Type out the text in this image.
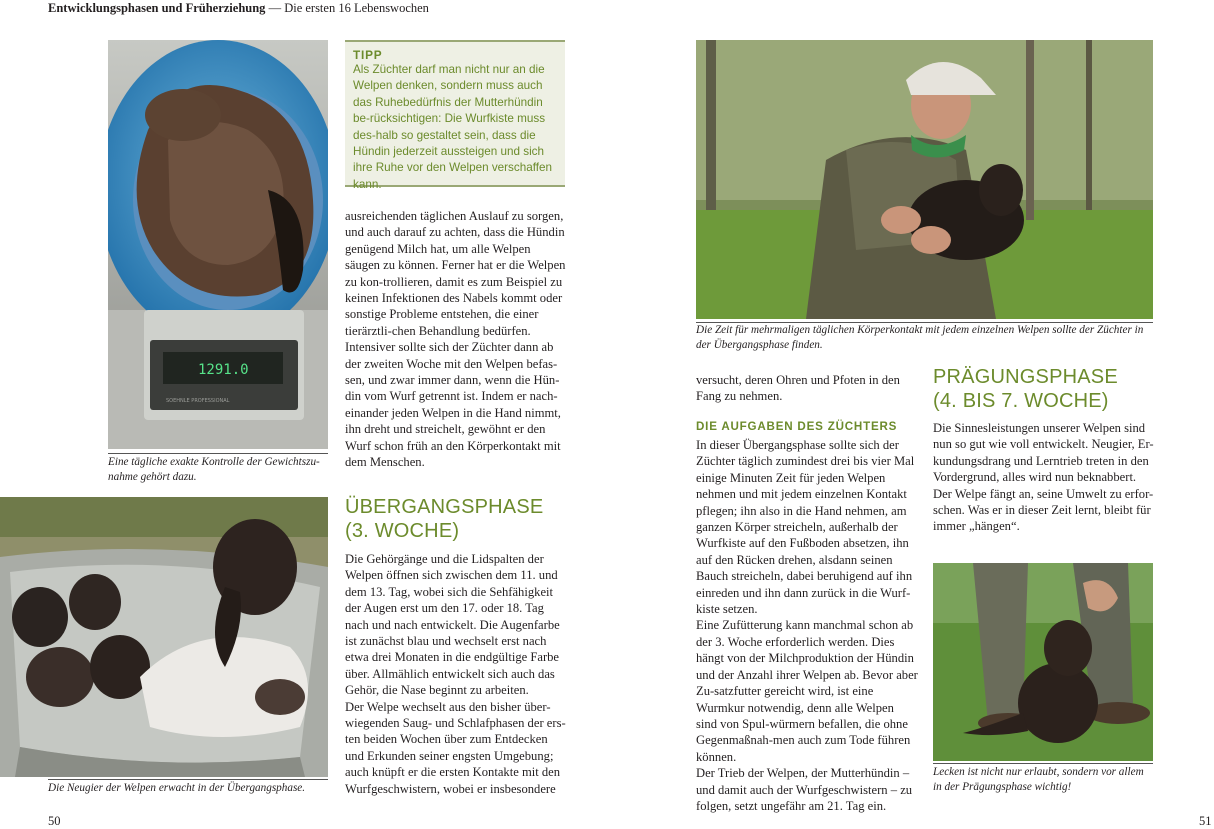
Entwicklungsphasen und Früherziehung — Die ersten 16 Lebenswochen
1291.0
SOEHNLE PROFESSIONAL

Eine tägliche exakte Kontrolle der Gewichtszu-nahme gehört dazu.

TIPP
Als Züchter darf man nicht nur an die Welpen denken, sondern muss auch das Ruhebedürfnis der Mutterhündin be-rücksichtigen: Die Wurfkiste muss des-halb so gestaltet sein, dass die Hündin jederzeit aussteigen und sich ihre Ruhe vor den Welpen verschaffen kann.

ausreichenden täglichen Auslauf zu sorgen, und auch darauf zu achten, dass die Hündin genügend Milch hat, um alle Welpen säugen zu können. Ferner hat er die Welpen zu kon-trollieren, damit es zum Beispiel zu keinen Infektionen des Nabels kommt oder sonstige Probleme entstehen, die einer tierärztli-chen Behandlung bedürfen.

Intensiver sollte sich der Züchter dann ab der zweiten Woche mit den Welpen befas-sen, und zwar immer dann, wenn die Hün-din vom Wurf getrennt ist. Indem er nach-einander jeden Welpen in die Hand nimmt, ihn dreht und streichelt, gewöhnt er den Wurf schon früh an den Körperkontakt mit dem Menschen.

ÜBERGANGSPHASE

(3. WOCHE)

Die Gehörgänge und die Lidspalten der Welpen öffnen sich zwischen dem 11. und dem 13. Tag, wobei sich die Sehfähigkeit der Augen erst um den 17. oder 18. Tag nach und nach entwickelt. Die Augenfarbe ist zunächst blau und wechselt erst nach etwa drei Monaten in die endgültige Farbe über. Allmählich entwickelt sich auch das Gehör, die Nase beginnt zu arbeiten.

Der Welpe wechselt aus den bisher über-wiegenden Saug- und Schlafphasen der ers-ten beiden Wochen über zum Entdecken und Erkunden seiner engsten Umgebung; auch knüpft er die ersten Kontakte mit den Wurfgeschwistern, wobei er insbesondere

Die Neugier der Welpen erwacht in der Übergangsphase.

50

Die Zeit für mehrmaligen täglichen Körperkontakt mit jedem einzelnen Welpen sollte der Züchter in der Übergangsphase finden.

versucht, deren Ohren und Pfoten in den Fang zu nehmen.

DIE AUFGABEN DES ZÜCHTERS

In dieser Übergangsphase sollte sich der Züchter täglich zumindest drei bis vier Mal einige Minuten Zeit für jeden Welpen nehmen und mit jedem einzelnen Kontakt pflegen; ihn also in die Hand nehmen, am ganzen Körper streicheln, außerhalb der Wurfkiste auf den Fußboden absetzen, ihn auf den Rücken drehen, alsdann seinen Bauch streicheln, dabei beruhigend auf ihn einreden und ihn dann zurück in die Wurf-kiste setzen.

Eine Zufütterung kann manchmal schon ab der 3. Woche erforderlich werden. Dies hängt von der Milchproduktion der Hündin und der Anzahl ihrer Welpen ab. Bevor aber Zu-satzfutter gereicht wird, ist eine Wurmkur notwendig, denn alle Welpen sind von Spul-würmern befallen, die ohne Gegenmaßnah-men auch zum Tode führen können.

Der Trieb der Welpen, der Mutterhündin – und damit auch der Wurfgeschwistern – zu folgen, setzt ungefähr am 21. Tag ein.

PRÄGUNGSPHASE

(4. BIS 7. WOCHE)

Die Sinnesleistungen unserer Welpen sind nun so gut wie voll entwickelt. Neugier, Er-kundungsdrang und Lerntrieb treten in den Vordergrund, alles wird nun beknabbert. Der Welpe fängt an, seine Umwelt zu erfor-schen. Was er in dieser Zeit lernt, bleibt für immer „hängen“.

Lecken ist nicht nur erlaubt, sondern vor allem in der Prägungsphase wichtig!

51
